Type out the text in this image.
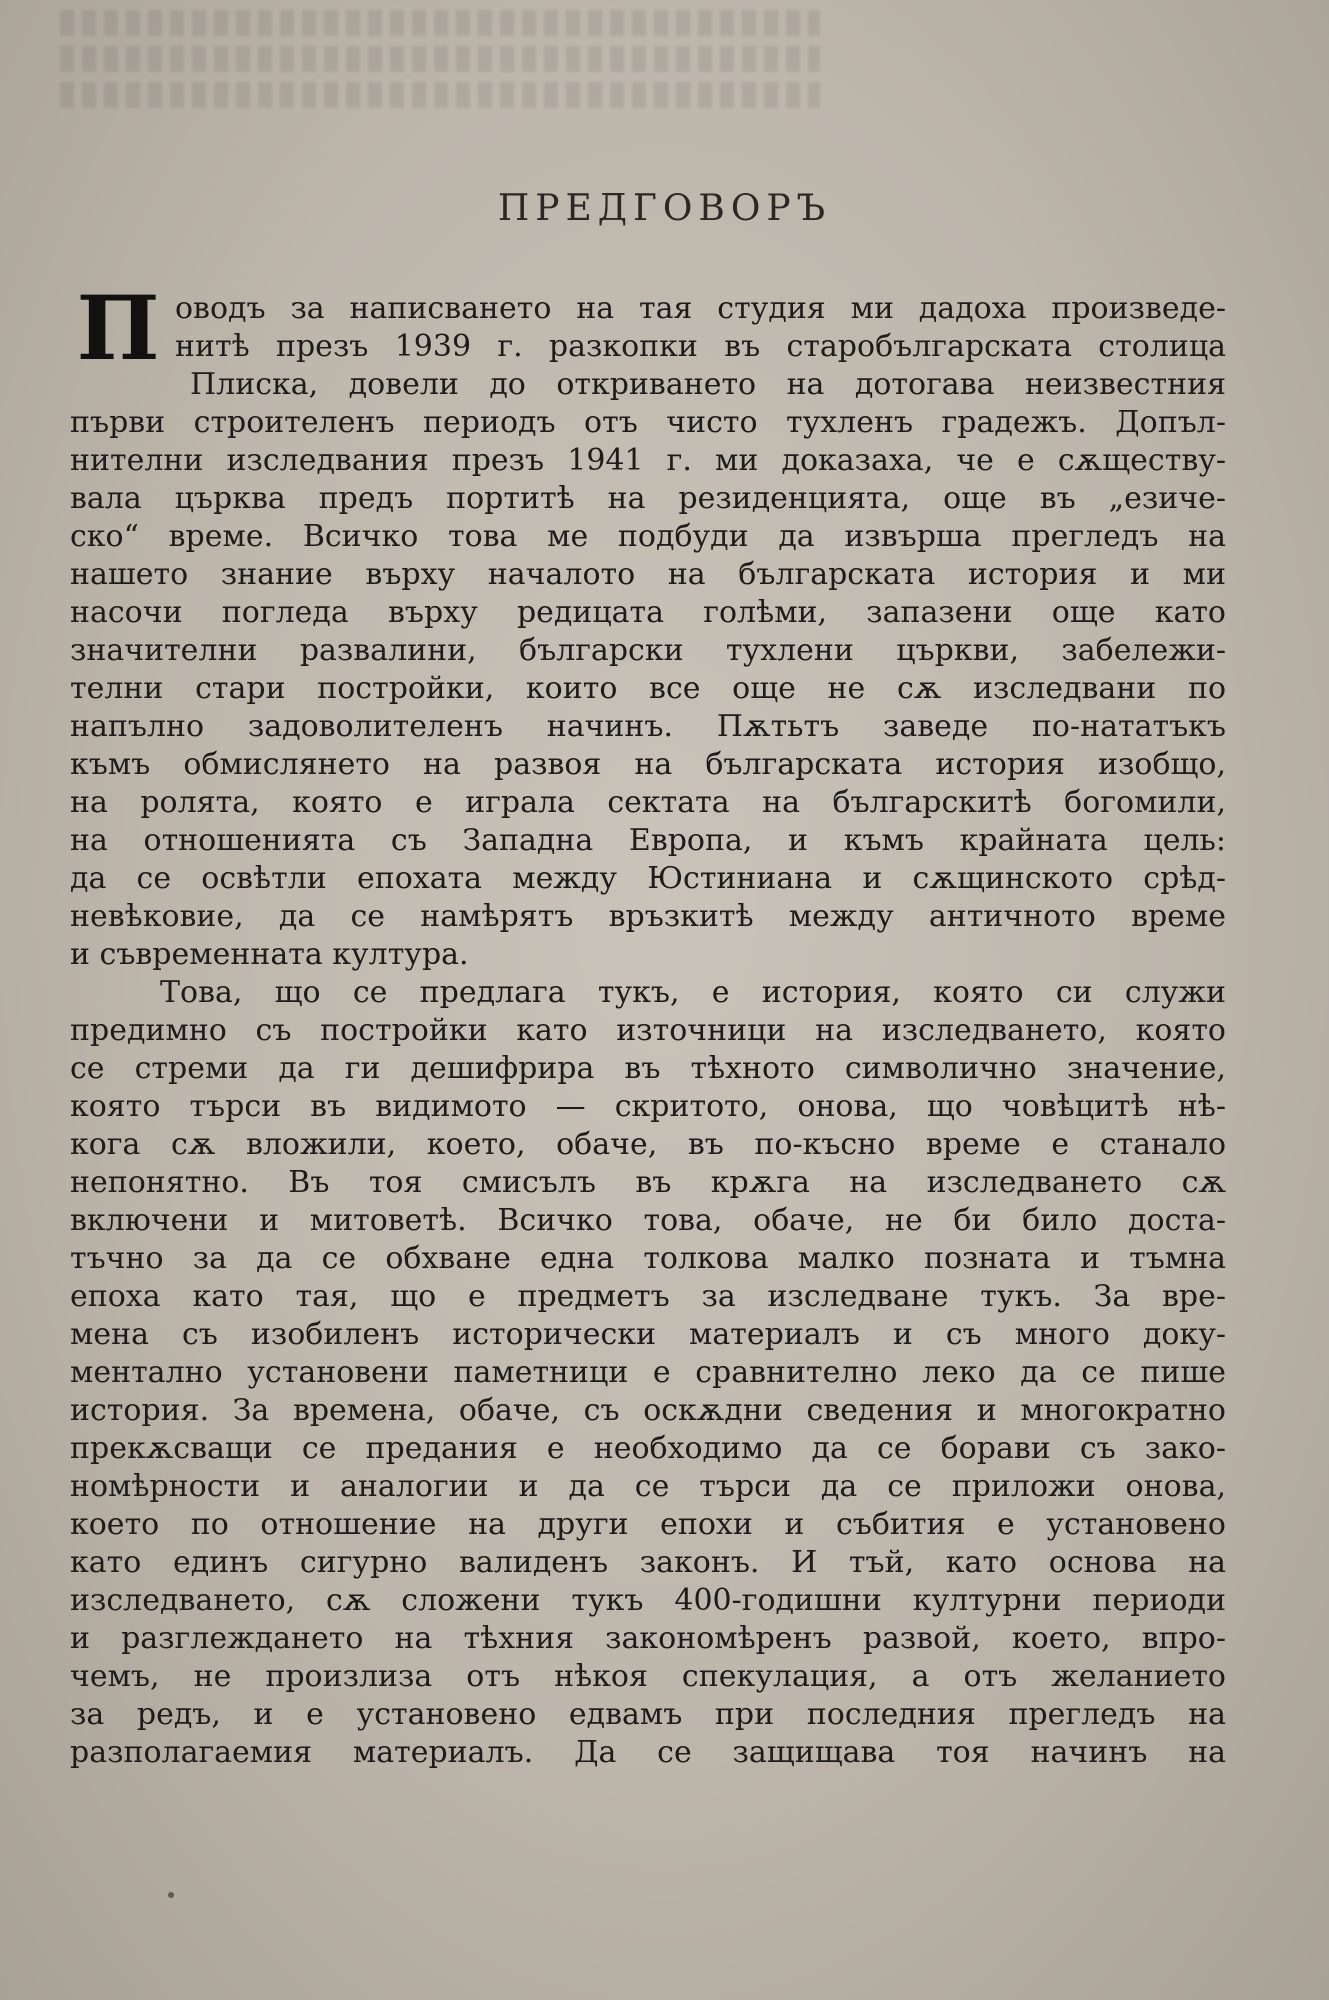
ПРЕДГОВОРЪ
П оводъ за написването на тая студия ми дадоха произведе-
нитѣ презъ 1939 г. разкопки въ старобългарската столица
Плиска, довели до откриването на дотогава неизвестния
първи строителенъ периодъ отъ чисто тухленъ градежъ. Допъл-
нителни изследвания презъ 1941 г. ми доказаха, че е сѫществу-
вала църква предъ портитѣ на резиденцията, още въ „езиче-
ско“ време. Всичко това ме подбуди да извърша прегледъ на
нашето знание върху началото на българската история и ми
насочи погледа върху редицата голѣми, запазени още като
значителни развалини, български тухлени църкви, забележи-
телни стари постройки, които все още не сѫ изследвани по
напълно задоволителенъ начинъ. Пѫтьтъ заведе по-нататъкъ
къмъ обмислянето на развоя на българската история изобщо,
на ролята, която е играла сектата на българскитѣ богомили,
на отношенията съ Западна Европа, и къмъ крайната цель:
да се освѣтли епохата между Юстиниана и сѫщинското срѣд-
невѣковие, да се намѣрятъ връзкитѣ между античното време
и съвременната култура.
Това, що се предлага тукъ, е история, която си служи
предимно съ постройки като източници на изследването, която
се стреми да ги дешифрира въ тѣхното символично значение,
която търси въ видимото — скритото, онова, що човѣцитѣ нѣ-
кога сѫ вложили, което, обаче, въ по-късно време е станало
непонятно. Въ тоя смисълъ въ крѫга на изследването сѫ
включени и митоветѣ. Всичко това, обаче, не би било доста-
тъчно за да се обхване една толкова малко позната и тъмна
епоха като тая, що е предметъ за изследване тукъ. За вре-
мена съ изобиленъ исторически материалъ и съ много доку-
ментално установени паметници е сравнително леко да се пише
история. За времена, обаче, съ оскѫдни сведения и многократно
прекѫсващи се предания е необходимо да се борави съ зако-
номѣрности и аналогии и да се търси да се приложи онова,
което по отношение на други епохи и събития е установено
като единъ сигурно валиденъ законъ. И тъй, като основа на
изследването, сѫ сложени тукъ 400-годишни културни периоди
и разглеждането на тѣхния закономѣренъ развой, което, впро-
чемъ, не произлиза отъ нѣкоя спекулация, а отъ желанието
за редъ, и е установено едвамъ при последния прегледъ на
разполагаемия материалъ. Да се защищава тоя начинъ на
